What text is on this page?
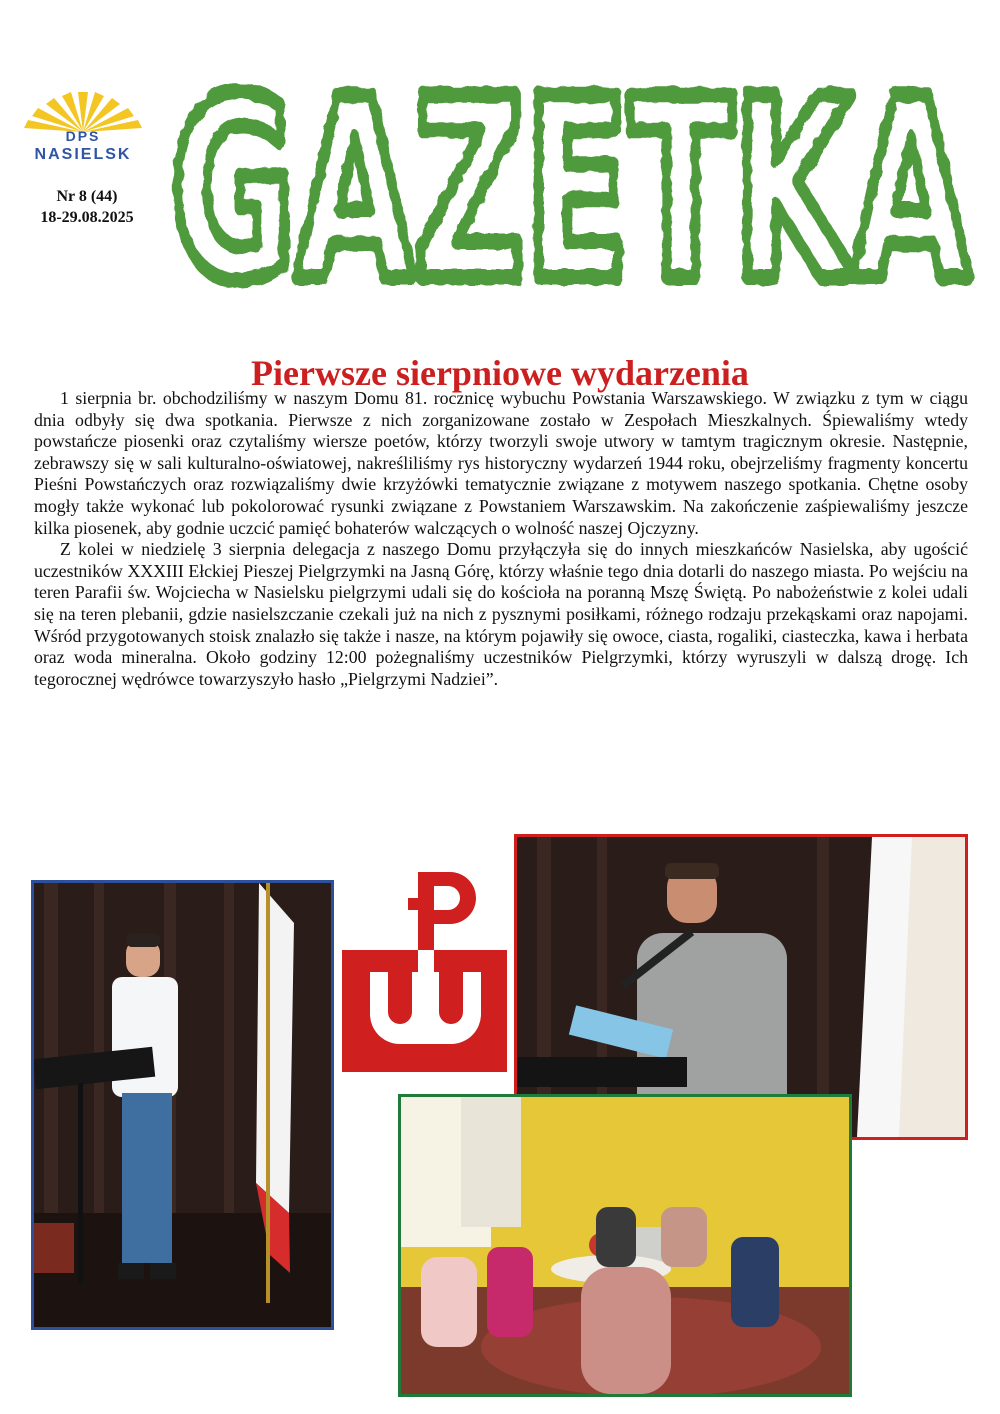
DPS
NASIELSK
Nr 8 (44)
18-29.08.2025 GAZETKA
Pierwsze sierpniowe wydarzenia

1 sierpnia br. obchodziliśmy w naszym Domu 81. rocznicę wybuchu Powstania Warszawskiego. W związku z tym w ciągu dnia odbyły się dwa spotkania. Pierwsze z nich zorganizowane zostało w Zespołach Mieszkalnych. Śpiewaliśmy wtedy powstańcze piosenki oraz czytaliśmy wiersze poetów, którzy tworzyli swoje utwory w tamtym tragicznym okresie. Następnie, zebrawszy się w sali kulturalno-oświatowej, nakreśliliśmy rys historyczny wydarzeń 1944 roku, obejrzeliśmy fragmenty koncertu Pieśni Powstańczych oraz rozwiązaliśmy dwie krzyżówki tematycznie związane z motywem naszego spotkania. Chętne osoby mogły także wykonać lub pokolorować rysunki związane z Powstaniem Warszawskim. Na zakończenie zaśpiewaliśmy jeszcze kilka piosenek, aby godnie uczcić pamięć bohaterów walczących o wolność naszej Ojczyzny.

Z kolei w niedzielę 3 sierpnia delegacja z naszego Domu przyłączyła się do innych mieszkańców Nasielska, aby ugościć uczestników XXXIII Ełckiej Pieszej Pielgrzymki na Jasną Górę, którzy właśnie tego dnia dotarli do naszego miasta. Po wejściu na teren Parafii św. Wojciecha w Nasielsku pielgrzymi udali się do kościoła na poranną Mszę Świętą. Po nabożeństwie z kolei udali się na teren plebanii, gdzie nasielszczanie czekali już na nich z pysznymi posiłkami, różnego rodzaju przekąskami oraz napojami. Wśród przygotowanych stoisk znalazło się także i nasze, na którym pojawiły się owoce, ciasta, rogaliki, ciasteczka, kawa i herbata oraz woda mineralna. Około godziny 12:00 pożegnaliśmy uczestników Pielgrzymki, którzy wyruszyli w dalszą drogę. Ich tegorocznej wędrówce towarzyszyło hasło „Pielgrzymi Nadziei”.
